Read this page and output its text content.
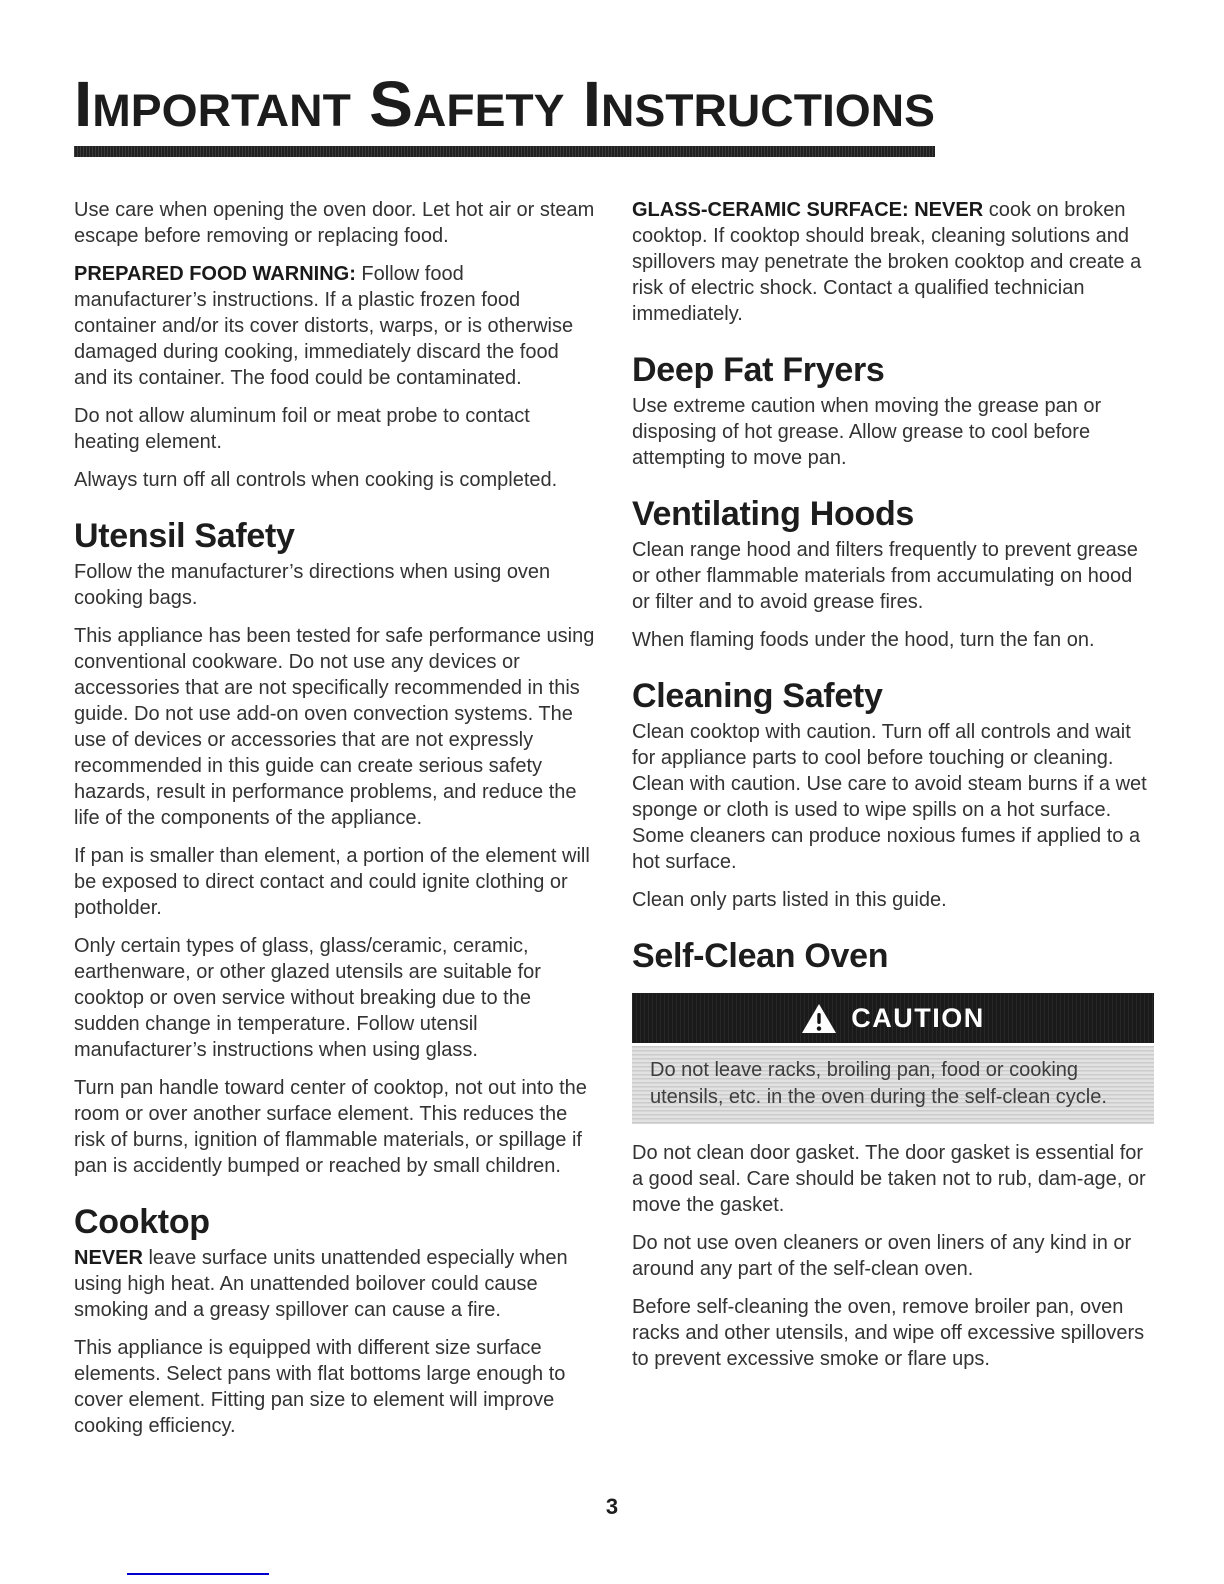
Important Safety Instructions

Use care when opening the oven door. Let hot air or steam escape before removing or replacing food.

PREPARED FOOD WARNING: Follow food manufacturer’s instructions. If a plastic frozen food container and/or its cover distorts, warps, or is otherwise damaged during cooking, immediately discard the food and its container. The food could be contaminated.

Do not allow aluminum foil or meat probe to contact heating element.

Always turn off all controls when cooking is completed.

Utensil Safety

Follow the manufacturer’s directions when using oven cooking bags.

This appliance has been tested for safe performance using conventional cookware. Do not use any devices or accessories that are not specifically recommended in this guide. Do not use add-on oven convection systems. The use of devices or accessories that are not expressly recommended in this guide can create serious safety hazards, result in performance problems, and reduce the life of the components of the appliance.

If pan is smaller than element, a portion of the element will be exposed to direct contact and could ignite clothing or potholder.

Only certain types of glass, glass/ceramic, ceramic, earthenware, or other glazed utensils are suitable for cooktop or oven service without breaking due to the sudden change in temperature. Follow utensil manufacturer’s instructions when using glass.

Turn pan handle toward center of cooktop, not out into the room or over another surface element. This reduces the risk of burns, ignition of flammable materials, or spillage if pan is accidently bumped or reached by small children.

Cooktop

NEVER leave surface units unattended especially when using high heat. An unattended boilover could cause smoking and a greasy spillover can cause a fire.

This appliance is equipped with different size surface elements. Select pans with flat bottoms large enough to cover element. Fitting pan size to element will improve cooking efficiency.

GLASS-CERAMIC SURFACE: NEVER cook on broken cooktop. If cooktop should break, cleaning solutions and spillovers may penetrate the broken cooktop and create a risk of electric shock. Contact a qualified technician immediately.

Deep Fat Fryers

Use extreme caution when moving the grease pan or disposing of hot grease. Allow grease to cool before attempting to move pan.

Ventilating Hoods

Clean range hood and filters frequently to prevent grease or other flammable materials from accumulating on hood or filter and to avoid grease fires.

When flaming foods under the hood, turn the fan on.

Cleaning Safety

Clean cooktop with caution. Turn off all controls and wait for appliance parts to cool before touching or cleaning. Clean with caution. Use care to avoid steam burns if a wet sponge or cloth is used to wipe spills on a hot surface. Some cleaners can produce noxious fumes if applied to a hot surface.

Clean only parts listed in this guide.

Self-Clean Oven
CAUTION
Do not leave racks, broiling pan, food or cooking utensils, etc. in the oven during the self-clean cycle.

Do not clean door gasket. The door gasket is essential for a good seal. Care should be taken not to rub, dam-age, or move the gasket.

Do not use oven cleaners or oven liners of any kind in or around any part of the self-clean oven.

Before self-cleaning the oven, remove broiler pan, oven racks and other utensils, and wipe off excessive spillovers to prevent excessive smoke or flare ups.

3
